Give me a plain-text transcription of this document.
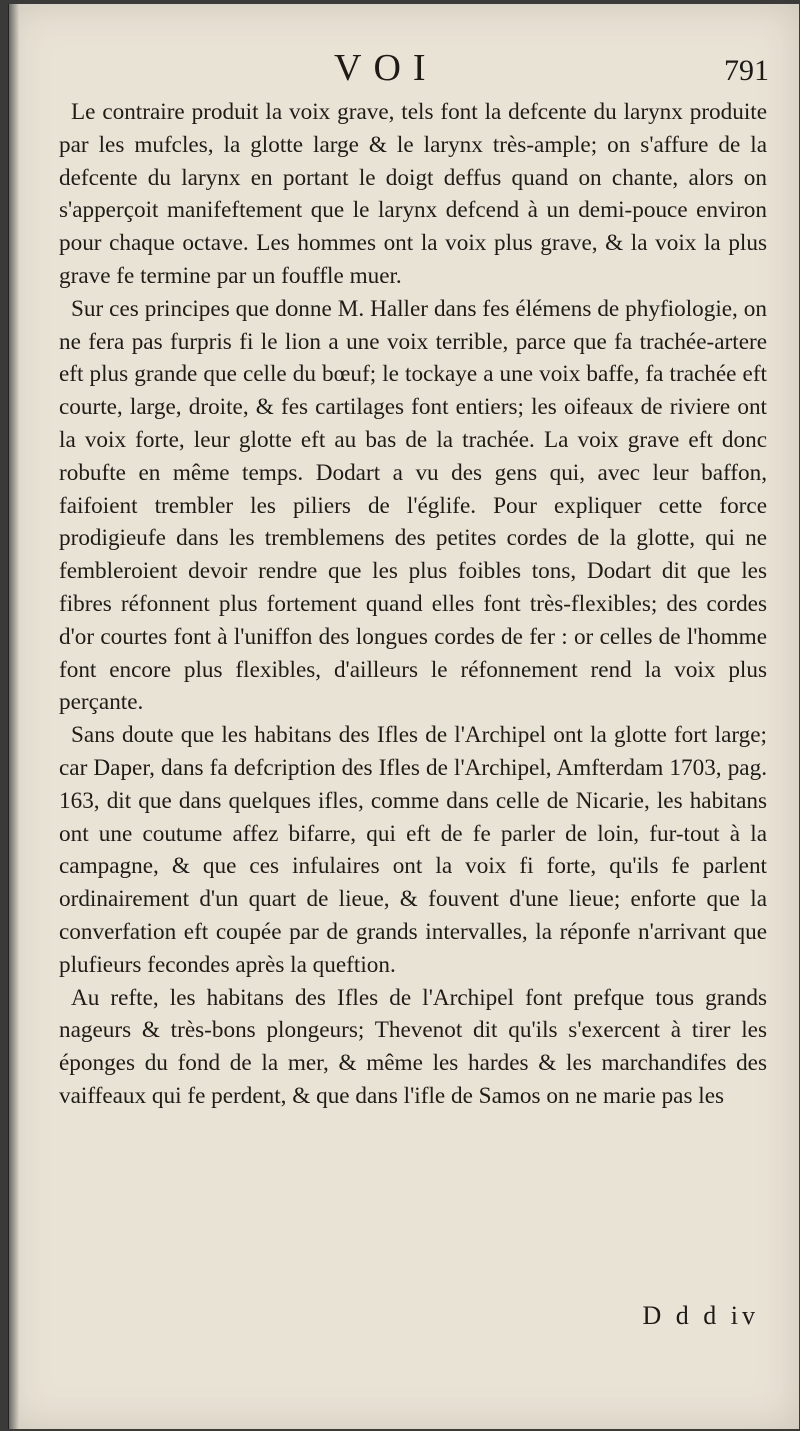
VOI	791

Le contraire produit la voix grave, tels font la defcente du larynx produite par les mufcles, la glotte large & le larynx très-ample; on s'affure de la defcente du larynx en portant le doigt deffus quand on chante, alors on s'apperçoit manifeftement que le larynx defcend à un demi-pouce environ pour chaque octave. Les hommes ont la voix plus grave, & la voix la plus grave fe termine par un fouffle muer.

Sur ces principes que donne M. Haller dans fes élémens de phyfiologie, on ne fera pas furpris fi le lion a une voix terrible, parce que fa trachée-artere eft plus grande que celle du bœuf; le tockaye a une voix baffe, fa trachée eft courte, large, droite, & fes cartilages font entiers; les oifeaux de riviere ont la voix forte, leur glotte eft au bas de la trachée. La voix grave eft donc robufte en même temps. Dodart a vu des gens qui, avec leur baffon, faifoient trembler les piliers de l'églife. Pour expliquer cette force prodigieufe dans les tremblemens des petites cordes de la glotte, qui ne fembleroient devoir rendre que les plus foibles tons, Dodart dit que les fibres réfonnent plus fortement quand elles font très-flexibles; des cordes d'or courtes font à l'uniffon des longues cordes de fer : or celles de l'homme font encore plus flexibles, d'ailleurs le réfonnement rend la voix plus perçante.

Sans doute que les habitans des Ifles de l'Archipel ont la glotte fort large; car Daper, dans fa defcription des Ifles de l'Archipel, Amfterdam 1703, pag. 163, dit que dans quelques ifles, comme dans celle de Nicarie, les habitans ont une coutume affez bifarre, qui eft de fe parler de loin, fur-tout à la campagne, & que ces infulaires ont la voix fi forte, qu'ils fe parlent ordinairement d'un quart de lieue, & fouvent d'une lieue; enforte que la converfation eft coupée par de grands intervalles, la réponfe n'arrivant que plufieurs fecondes après la queftion.

Au refte, les habitans des Ifles de l'Archipel font prefque tous grands nageurs & très-bons plongeurs; Thevenot dit qu'ils s'exercent à tirer les éponges du fond de la mer, & même les hardes & les marchandifes des vaiffeaux qui fe perdent, & que dans l'ifle de Samos on ne marie pas les

D d d iv
